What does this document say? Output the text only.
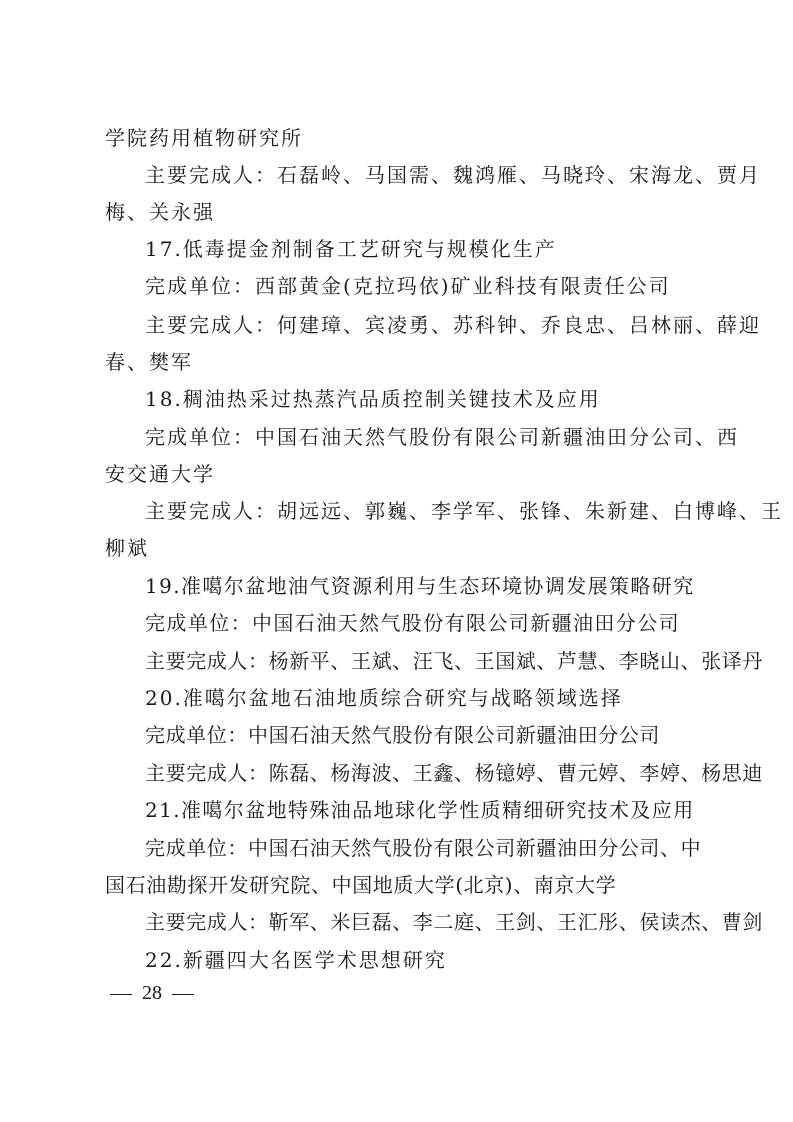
学院药用植物研究所
主要完成人：石磊岭、马国需、魏鸿雁、马晓玲、宋海龙、贾月
梅、关永强
17.低毒提金剂制备工艺研究与规模化生产
完成单位：西部黄金(克拉玛依)矿业科技有限责任公司
主要完成人：何建璋、宾凌勇、苏科钟、乔良忠、吕林丽、薛迎
春、樊军
18.稠油热采过热蒸汽品质控制关键技术及应用
完成单位：中国石油天然气股份有限公司新疆油田分公司、西
安交通大学
主要完成人：胡远远、郭巍、李学军、张锋、朱新建、白博峰、王
柳斌
19.准噶尔盆地油气资源利用与生态环境协调发展策略研究
完成单位：中国石油天然气股份有限公司新疆油田分公司
主要完成人：杨新平、王斌、汪飞、王国斌、芦慧、李晓山、张译丹
20.准噶尔盆地石油地质综合研究与战略领域选择
完成单位：中国石油天然气股份有限公司新疆油田分公司
主要完成人：陈磊、杨海波、王鑫、杨镱婷、曹元婷、李婷、杨思迪
21.准噶尔盆地特殊油品地球化学性质精细研究技术及应用
完成单位：中国石油天然气股份有限公司新疆油田分公司、中
国石油勘探开发研究院、中国地质大学(北京)、南京大学
主要完成人：靳军、米巨磊、李二庭、王剑、王汇彤、侯读杰、曹剑
22.新疆四大名医学术思想研究
28
